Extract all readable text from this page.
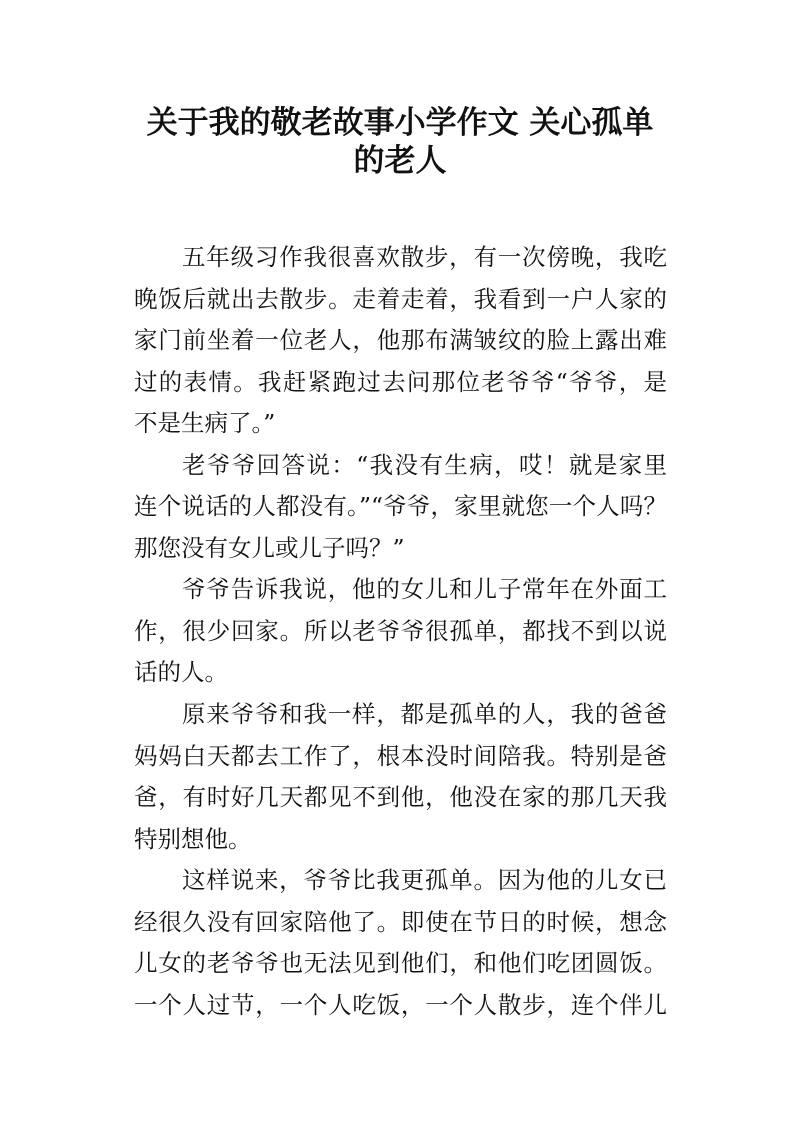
关于我的敬老故事小学作文 关心孤单
的老人
五年级习作我很喜欢散步，有一次傍晚，我吃
晚饭后就出去散步。走着走着，我看到一户人家的
家门前坐着一位老人，他那布满皱纹的脸上露出难
过的表情。我赶紧跑过去问那位老爷爷“爷爷，是
不是生病了。”
老爷爷回答说：“我没有生病，哎！就是家里
连个说话的人都没有。”“爷爷，家里就您一个人吗？
那您没有女儿或儿子吗？”
爷爷告诉我说，他的女儿和儿子常年在外面工
作，很少回家。所以老爷爷很孤单，都找不到以说
话的人。
原来爷爷和我一样，都是孤单的人，我的爸爸
妈妈白天都去工作了，根本没时间陪我。特别是爸
爸，有时好几天都见不到他，他没在家的那几天我
特别想他。
这样说来，爷爷比我更孤单。因为他的儿女已
经很久没有回家陪他了。即使在节日的时候，想念
儿女的老爷爷也无法见到他们，和他们吃团圆饭。
一个人过节，一个人吃饭，一个人散步，连个伴儿
